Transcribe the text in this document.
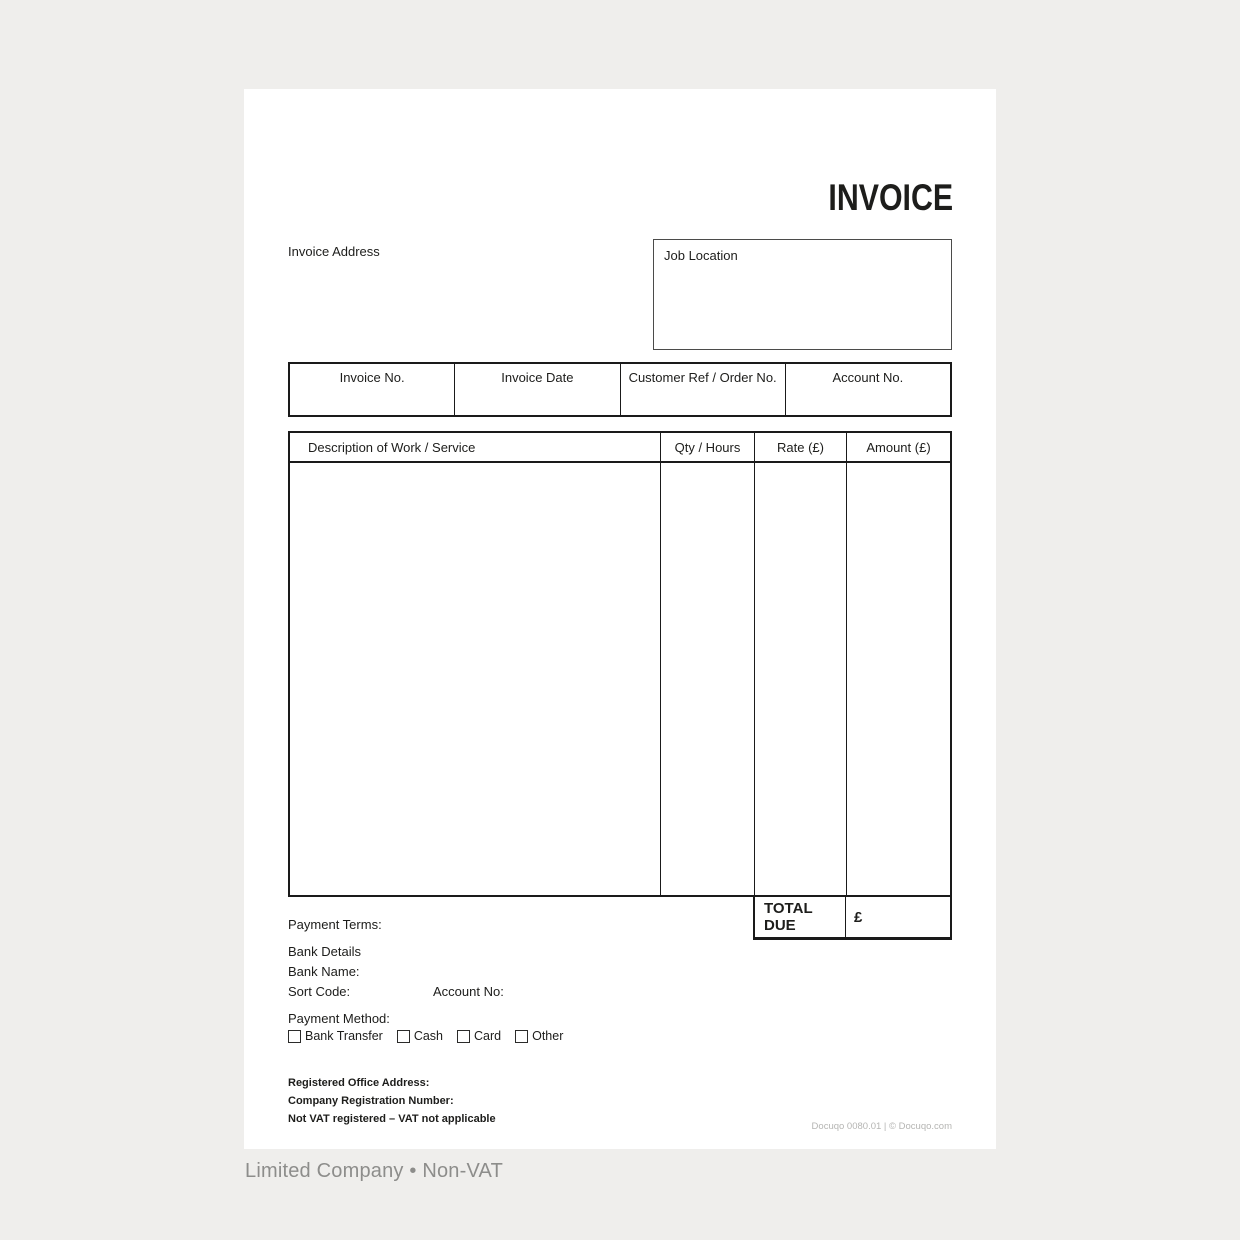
INVOICE
Invoice Address	Job Location
Invoice No.	Invoice Date	Customer Ref / Order No.	Account No.
Description of Work / Service	Qty / Hours	Rate (£)	Amount (£)
TOTAL DUE	£
Payment Terms:
Bank Details
Bank Name:
Sort Code:	Account No:
Payment Method:
Bank Transfer Cash Card Other
Registered Office Address:
Company Registration Number:
Not VAT registered – VAT not applicable
Docuqo 0080.01 | © Docuqo.com
Limited Company • Non-VAT
